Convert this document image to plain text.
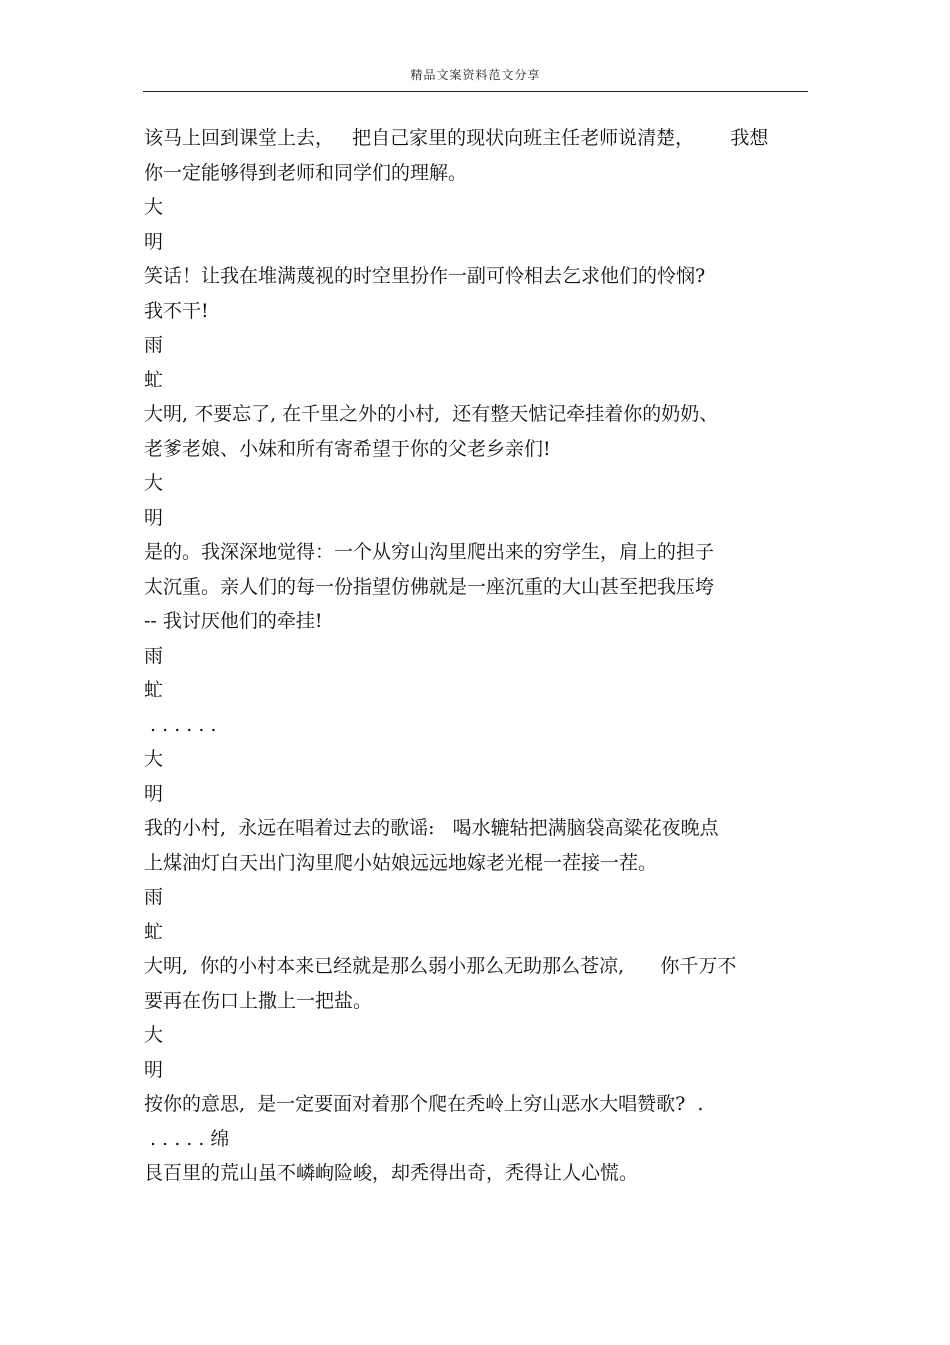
精品文案资料范文分享
该马上回到课堂上去，   把自己家里的现状向班主任老师说清楚，      我想
你一定能够得到老师和同学们的理解。
大
明
笑话！让我在堆满蔑视的时空里扮作一副可怜相去乞求他们的怜悯?
我不干!
雨
虻
大明, 不要忘了, 在千里之外的小村,  还有整天惦记牵挂着你的奶奶、
老爹老娘、小妹和所有寄希望于你的父老乡亲们!
大
明
是的。我深深地觉得：一个从穷山沟里爬出来的穷学生，肩上的担子
太沉重。亲人们的每一份指望仿佛就是一座沉重的大山甚至把我压垮
-- 我讨厌他们的牵挂!
雨
虻
. . . . . .
大
明
我的小村,  永远在唱着过去的歌谣:   喝水辘轱把满脑袋高粱花夜晚点
上煤油灯白天出门沟里爬小姑娘远远地嫁老光棍一茬接一茬。
雨
虻
大明,  你的小村本来已经就是那么弱小那么无助那么苍凉,      你千万不
要再在伤口上撒上一把盐。
大
明
按你的意思,  是一定要面对着那个爬在秃岭上穷山恶水大唱赞歌?  .
. . . . . 绵
艮百里的荒山虽不嶙峋险峻，却秃得出奇，秃得让人心慌。
